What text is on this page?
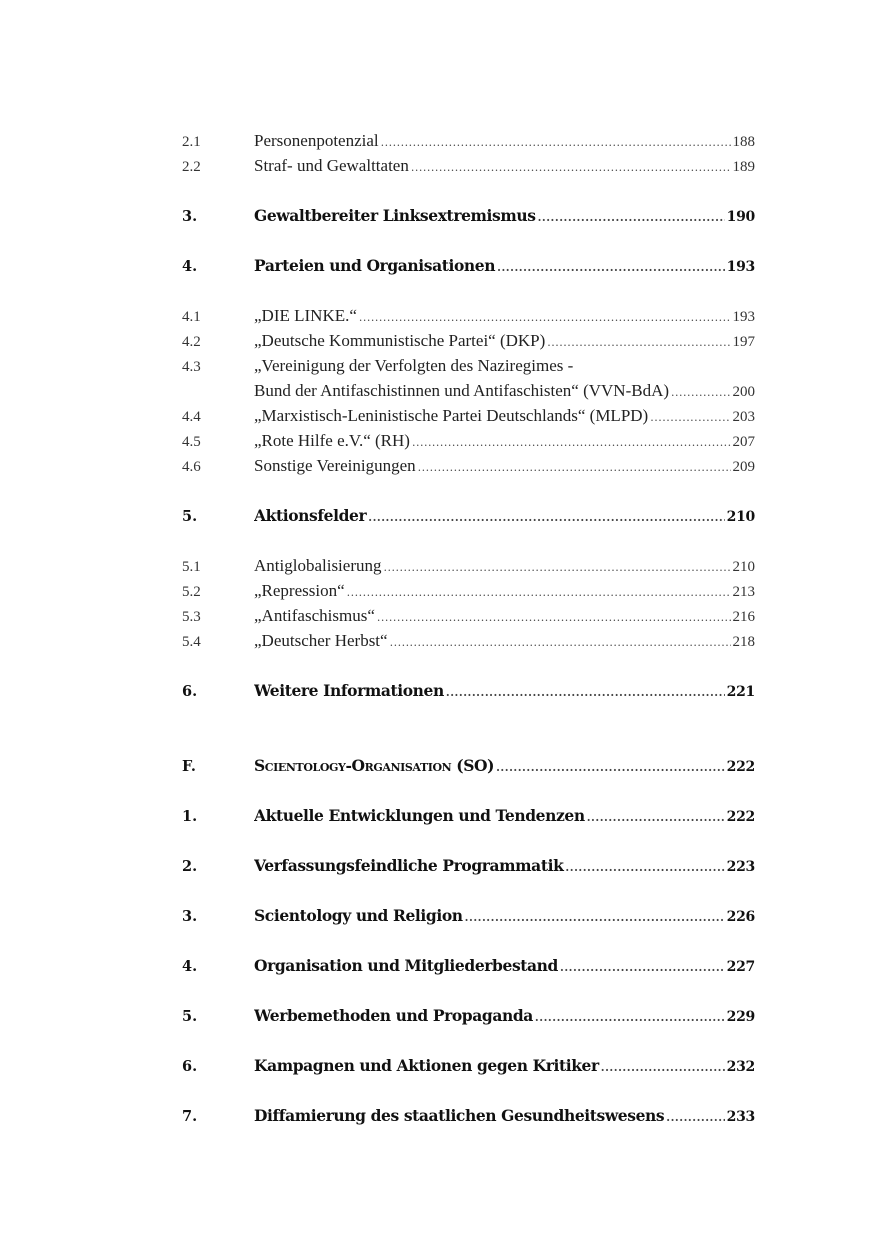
2.1	Personenpotenzial .....	188
2.2	Straf- und Gewalttaten .....	189
3.	Gewaltbereiter Linksextremismus .....	190
4.	Parteien und Organisationen .....	193
4.1	„DIE LINKE.“ .....	193
4.2	„Deutsche Kommunistische Partei“ (DKP) .....	197
4.3	„Vereinigung der Verfolgten des Naziregimes -
Bund der Antifaschistinnen und Antifaschisten“ (VVN-BdA) .....	200
4.4	„Marxistisch-Leninistische Partei Deutschlands“ (MLPD) .....	203
4.5	„Rote Hilfe e.V.“ (RH) .....	207
4.6	Sonstige Vereinigungen .....	209
5.	Aktionsfelder .....	210
5.1	Antiglobalisierung .....	210
5.2	„Repression“ .....	213
5.3	„Antifaschismus“ .....	216
5.4	„Deutscher Herbst“ .....	218
6.	Weitere Informationen .....	221
F.	Scientology-Organisation (SO) .....	222
1.	Aktuelle Entwicklungen und Tendenzen .....	222
2.	Verfassungsfeindliche Programmatik .....	223
3.	Scientology und Religion .....	226
4.	Organisation und Mitgliederbestand .....	227
5.	Werbemethoden und Propaganda .....	229
6.	Kampagnen und Aktionen gegen Kritiker .....	232
7.	Diffamierung des staatlichen Gesundheitswesens .....	233
